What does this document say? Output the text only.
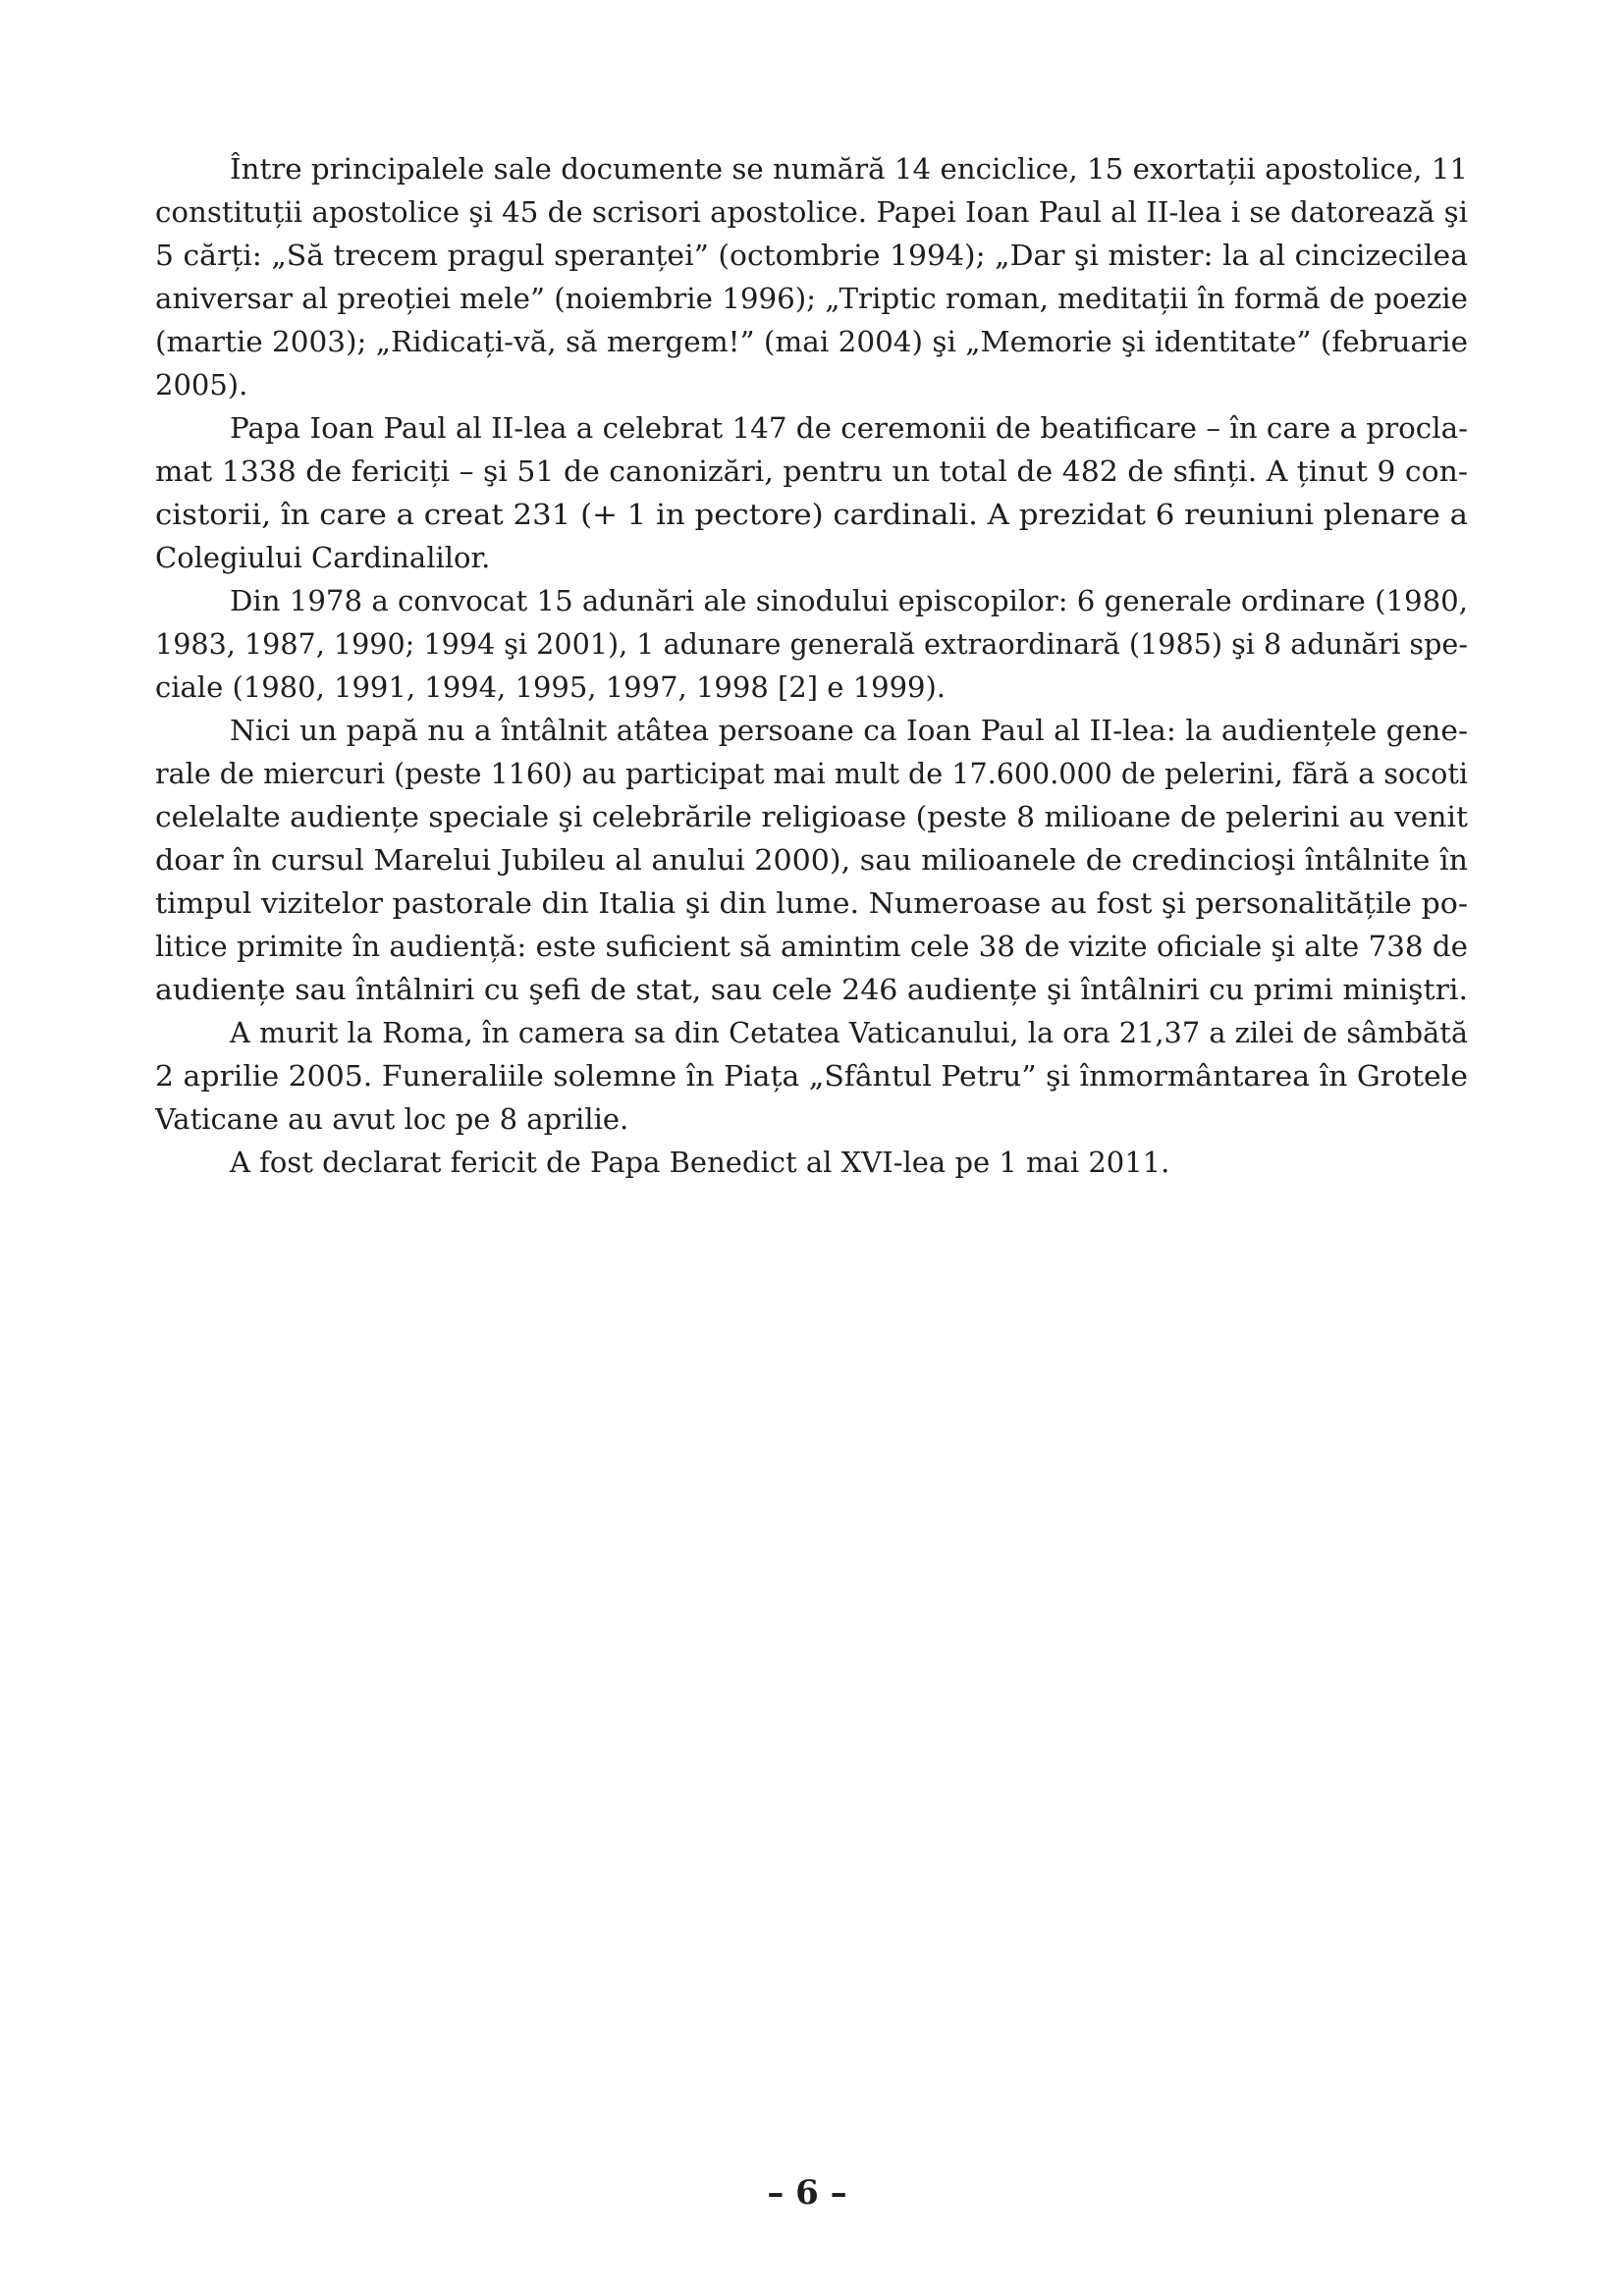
Între principalele sale documente se numără 14 enciclice, 15 exortații apostolice, 11
constituții apostolice şi 45 de scrisori apostolice. Papei Ioan Paul al II-lea i se datorează şi
5 cărți: „Să trecem pragul speranței” (octombrie 1994); „Dar şi mister: la al cincizecilea
aniversar al preoției mele” (noiembrie 1996); „Triptic roman, meditații în formă de poezie
(martie 2003); „Ridicați-vă, să mergem!” (mai 2004) şi „Memorie şi identitate” (februarie
2005).
Papa Ioan Paul al II-lea a celebrat 147 de ceremonii de beatificare – în care a procla-
mat 1338 de fericiți – şi 51 de canonizări, pentru un total de 482 de sfinți. A ținut 9 con-
cistorii, în care a creat 231 (+ 1 in pectore) cardinali. A prezidat 6 reuniuni plenare a
Colegiului Cardinalilor.
Din 1978 a convocat 15 adunări ale sinodului episcopilor: 6 generale ordinare (1980,
1983, 1987, 1990; 1994 şi 2001), 1 adunare generală extraordinară (1985) şi 8 adunări spe-
ciale (1980, 1991, 1994, 1995, 1997, 1998 [2] e 1999).
Nici un papă nu a întâlnit atâtea persoane ca Ioan Paul al II-lea: la audiențele gene-
rale de miercuri (peste 1160) au participat mai mult de 17.600.000 de pelerini, fără a socoti
celelalte audiențe speciale şi celebrările religioase (peste 8 milioane de pelerini au venit
doar în cursul Marelui Jubileu al anului 2000), sau milioanele de credincioşi întâlnite în
timpul vizitelor pastorale din Italia şi din lume. Numeroase au fost şi personalitățile po-
litice primite în audiență: este suficient să amintim cele 38 de vizite oficiale şi alte 738 de
audiențe sau întâlniri cu şefi de stat, sau cele 246 audiențe şi întâlniri cu primi miniştri.
A murit la Roma, în camera sa din Cetatea Vaticanului, la ora 21,37 a zilei de sâmbătă
2 aprilie 2005. Funeraliile solemne în Piața „Sfântul Petru” şi înmormântarea în Grotele
Vaticane au avut loc pe 8 aprilie.
A fost declarat fericit de Papa Benedict al XVI-lea pe 1 mai 2011.
– 6 –
